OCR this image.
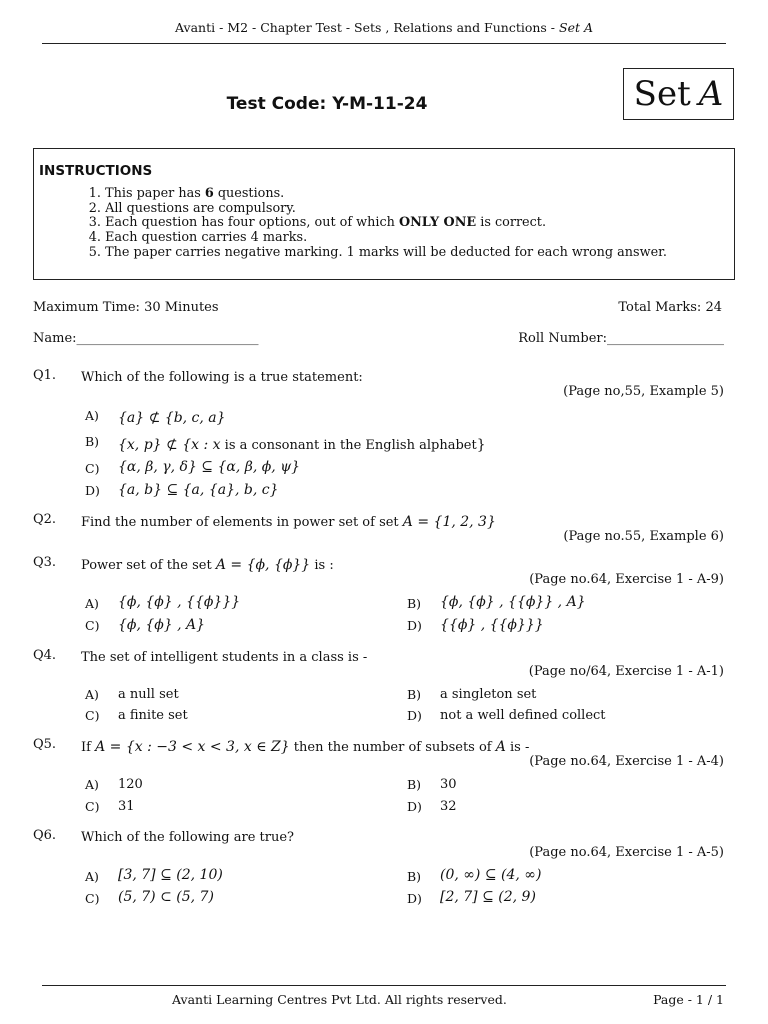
Avanti - M2 - Chapter Test - Sets , Relations and Functions - Set A
Set A
Test Code: Y-M-11-24
INSTRUCTIONS
1. This paper has 6 questions.
2. All questions are compulsory.
3. Each question has four options, out of which ONLY ONE is correct.
4. Each question carries 4 marks.
5. The paper carries negative marking. 1 marks will be deducted for each wrong answer.
Maximum Time: 30 Minutes	Total Marks: 24
Name:____________________________	Roll Number:__________________
Q1. Which of the following is a true statement:
(Page no,55, Example 5)
A) {a} ⊄ {b, c, a}
B) {x, p} ⊄ {x : x is a consonant in the English alphabet}
C) {α, β, γ, δ} ⊆ {α, β, ϕ, ψ}
D) {a, b} ⊆ {a, {a}, b, c}
Q2. Find the number of elements in power set of set A = {1, 2, 3}
(Page no.55, Example 6)
Q3. Power set of the set A = {ϕ, {ϕ}} is :
(Page no.64, Exercise 1 - A-9)
A) {ϕ, {ϕ} , {{ϕ}}}	B) {ϕ, {ϕ} , {{ϕ}} , A}
C) {ϕ, {ϕ} , A}	D) {{ϕ} , {{ϕ}}}
Q4. The set of intelligent students in a class is -
(Page no/64, Exercise 1 - A-1)
A) a null set	B) a singleton set
C) a finite set	D) not a well defined collect
Q5. If A = {x : −3 < x < 3, x ∈ Z} then the number of subsets of A is -
(Page no.64, Exercise 1 - A-4)
A) 120	B) 30
C) 31	D) 32
Q6. Which of the following are true?
(Page no.64, Exercise 1 - A-5)
A) [3, 7] ⊆ (2, 10)	B) (0, ∞) ⊆ (4, ∞)
C) (5, 7) ⊂ (5, 7)	D) [2, 7] ⊆ (2, 9)
Avanti Learning Centres Pvt Ltd. All rights reserved.	Page - 1 / 1
